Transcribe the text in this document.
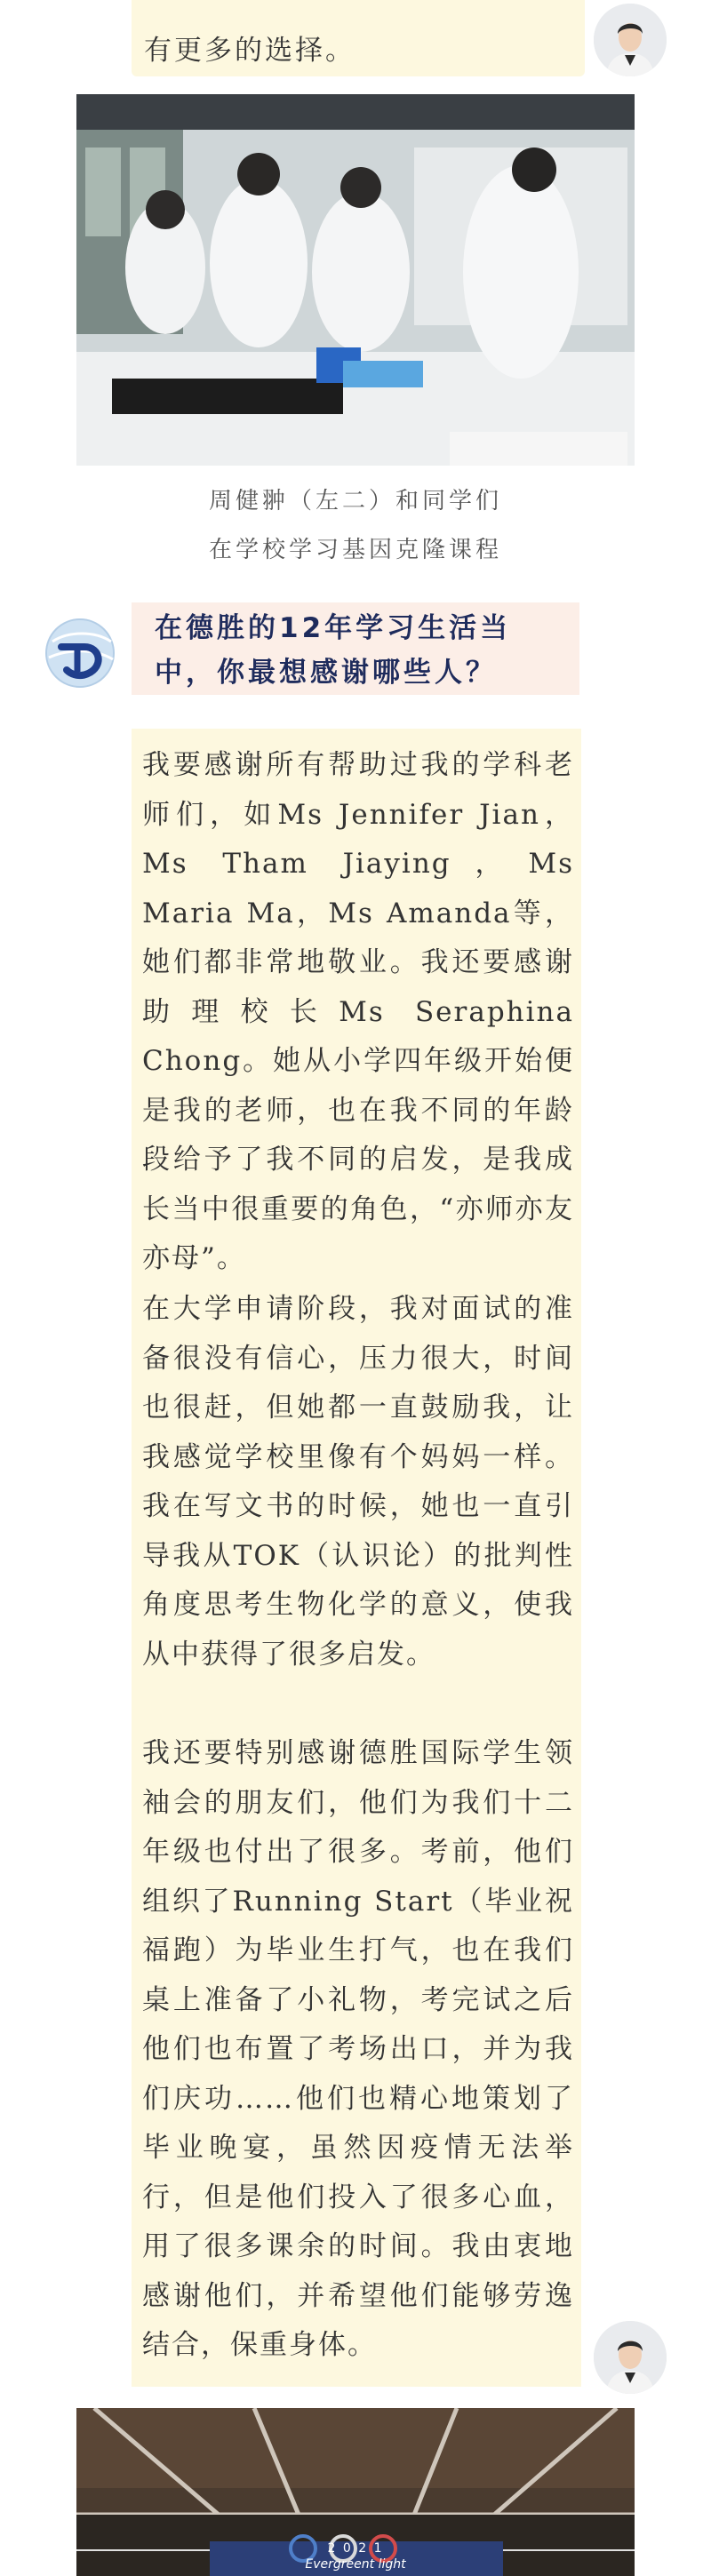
有更多的选择。
周健翀（左二）和同学们
在学校学习基因克隆课程
在德胜的12年学习生活当
中，你最想感谢哪些人？
我要感谢所有帮助过我的学科老师们，如Ms Jennifer Jian，Ms Tham Jiaying，Ms Maria Ma，Ms Amanda等，她们都非常地敬业。我还要感谢助理校长Ms Seraphina Chong。她从小学四年级开始便是我的老师，也在我不同的年龄段给予了我不同的启发，是我成长当中很重要的角色，“亦师亦友亦母”。
在大学申请阶段，我对面试的准备很没有信心，压力很大，时间也很赶，但她都一直鼓励我，让我感觉学校里像有个妈妈一样。我在写文书的时候，她也一直引导我从TOK（认识论）的批判性角度思考生物化学的意义，使我从中获得了很多启发。
我还要特别感谢德胜国际学生领袖会的朋友们，他们为我们十二年级也付出了很多。考前，他们组织了Running Start（毕业祝福跑）为毕业生打气，也在我们桌上准备了小礼物，考完试之后他们也布置了考场出口，并为我们庆功……他们也精心地策划了毕业晚宴，虽然因疫情无法举行，但是他们投入了很多心血，用了很多课余的时间。我由衷地感谢他们，并希望他们能够劳逸结合，保重身体。
2 0 2 1
Evergreent light
